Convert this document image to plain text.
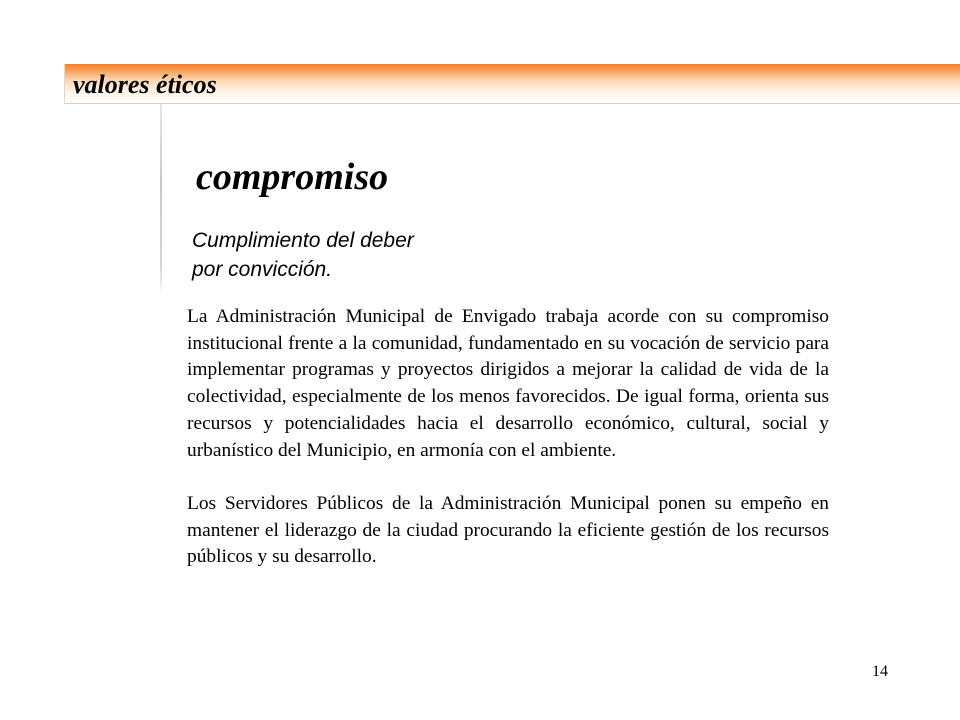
valores éticos
compromiso
Cumplimiento del deber
por convicción.

La Administración Municipal de Envigado trabaja acorde con su compromiso institucional frente a la comunidad, fundamentado en su vocación de servicio para implementar programas y proyectos dirigidos a mejorar la calidad de vida de la colectividad, especialmente de los menos favorecidos. De igual forma, orienta sus recursos y potencialidades hacia el desarrollo económico, cultural, social y urbanístico del Municipio, en armonía con el ambiente.

Los Servidores Públicos de la Administración Municipal ponen su empeño en mantener el liderazgo de la ciudad procurando la eficiente gestión de los recursos públicos y su desarrollo.

14
